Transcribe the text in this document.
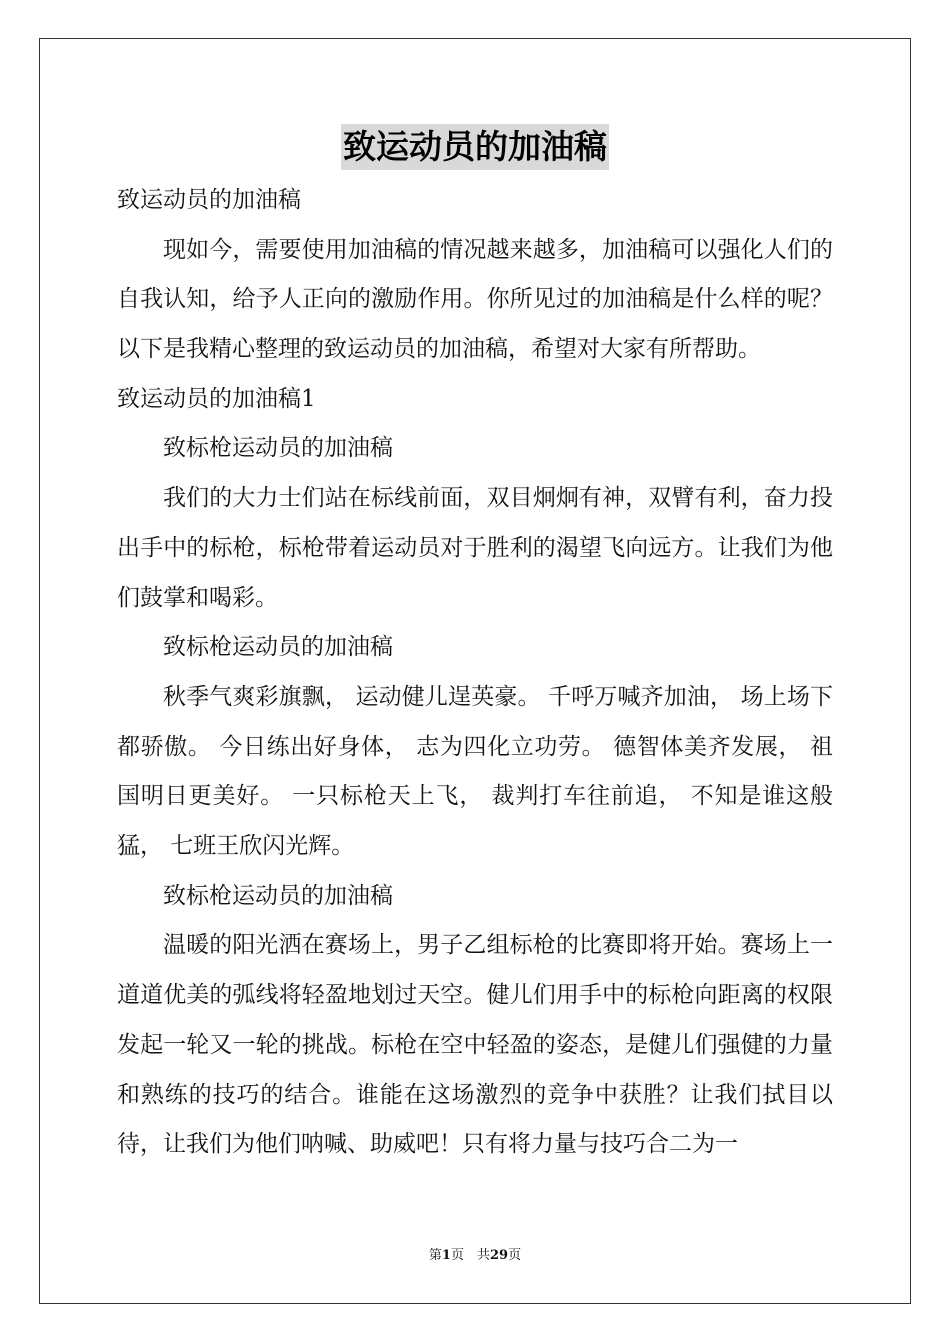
致运动员的加油稿
致运动员的加油稿
现如今，需要使用加油稿的情况越来越多，加油稿可以强化人们的自我认知，给予人正向的激励作用。你所见过的加油稿是什么样的呢？以下是我精心整理的致运动员的加油稿，希望对大家有所帮助。
致运动员的加油稿1
致标枪运动员的加油稿
我们的大力士们站在标线前面，双目炯炯有神，双臂有利，奋力投出手中的标枪，标枪带着运动员对于胜利的渴望飞向远方。让我们为他们鼓掌和喝彩。
致标枪运动员的加油稿
秋季气爽彩旗飘， 运动健儿逞英豪。 千呼万喊齐加油， 场上场下都骄傲。 今日练出好身体， 志为四化立功劳。 德智体美齐发展， 祖国明日更美好。 一只标枪天上飞， 裁判打车往前追， 不知是谁这般猛， 七班王欣闪光辉。
致标枪运动员的加油稿
温暖的阳光洒在赛场上，男子乙组标枪的比赛即将开始。赛场上一道道优美的弧线将轻盈地划过天空。健儿们用手中的标枪向距离的权限发起一轮又一轮的挑战。标枪在空中轻盈的姿态，是健儿们强健的力量和熟练的技巧的结合。谁能在这场激烈的竞争中获胜？让我们拭目以待，让我们为他们呐喊、助威吧！只有将力量与技巧合二为一
第1页　共29页
